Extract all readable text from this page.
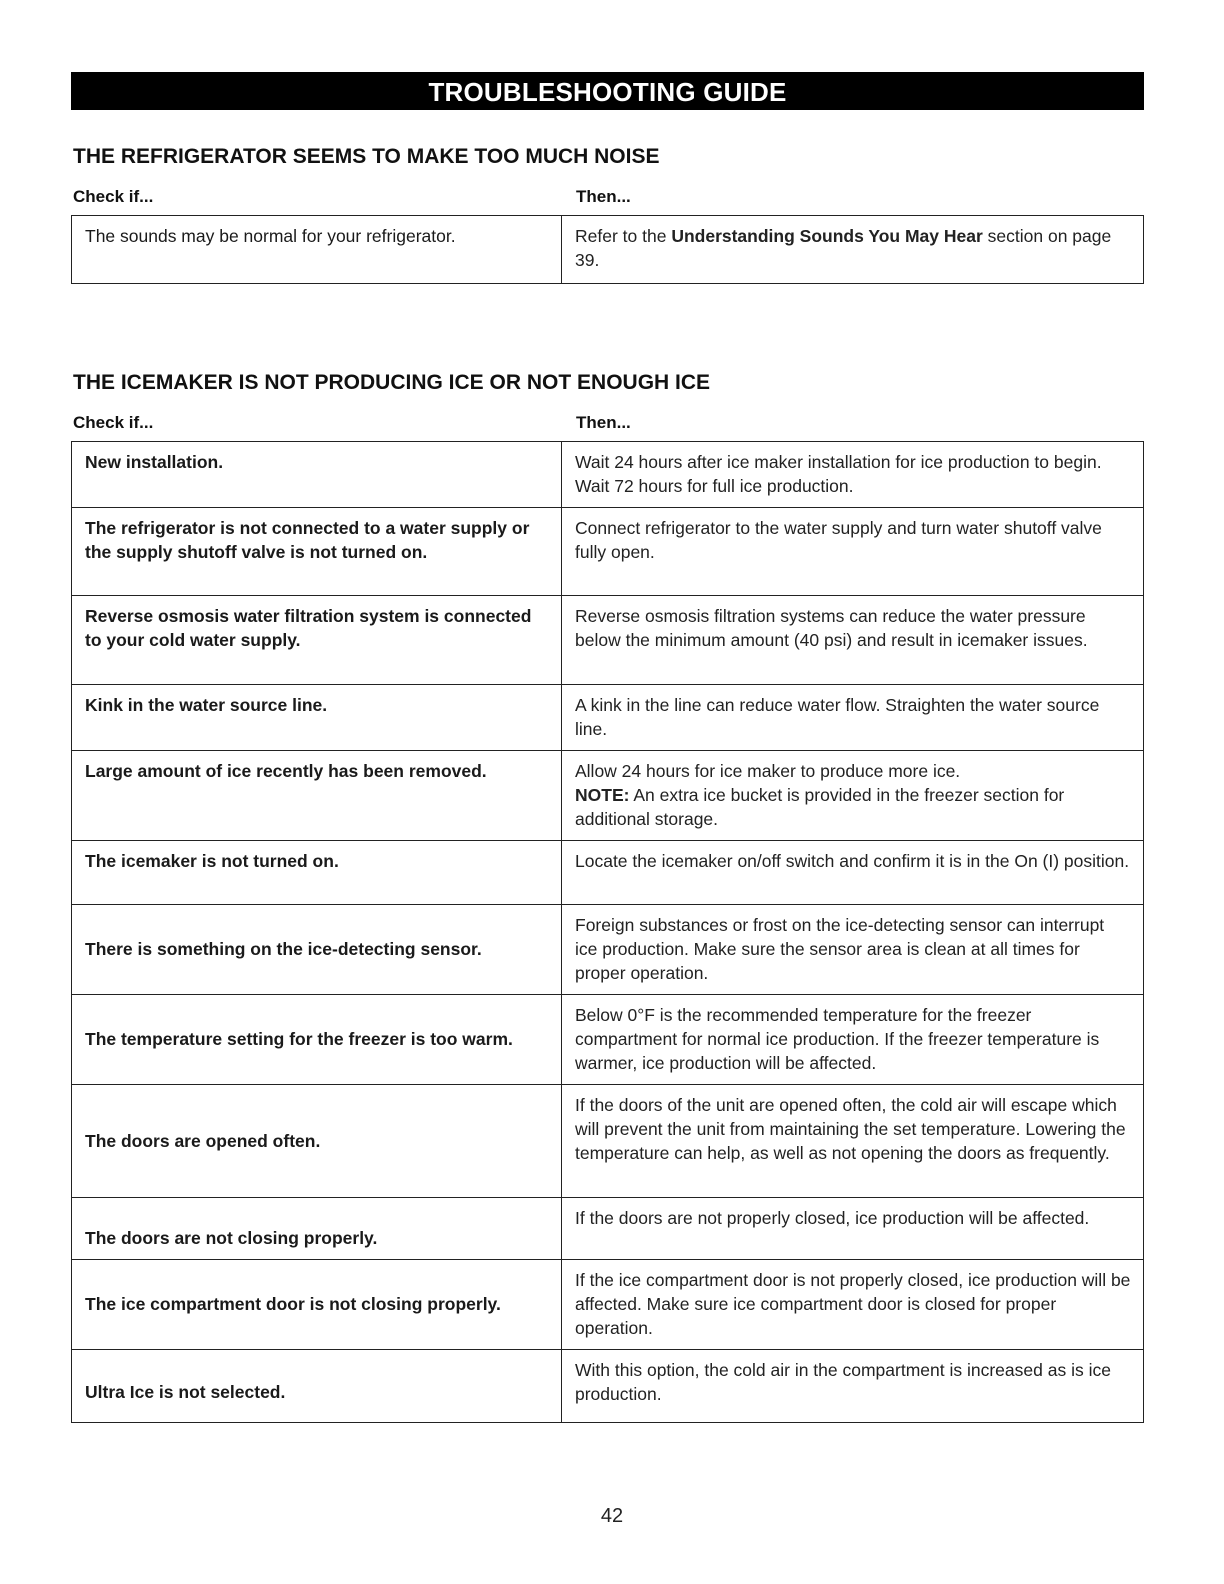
TROUBLESHOOTING GUIDE
THE REFRIGERATOR SEEMS TO MAKE TOO MUCH NOISE
Check if...	Then...
The sounds may be normal for your refrigerator.	Refer to the Understanding Sounds You May Hear section on page 39.
THE ICEMAKER IS NOT PRODUCING ICE OR NOT ENOUGH ICE
Check if...	Then...
New installation.	Wait 24 hours after ice maker installation for ice production to begin. Wait 72 hours for full ice production.
The refrigerator is not connected to a water supply or the supply shutoff valve is not turned on.	Connect refrigerator to the water supply and turn water shutoff valve fully open.
Reverse osmosis water filtration system is connected to your cold water supply.	Reverse osmosis filtration systems can reduce the water pressure below the minimum amount (40 psi) and result in icemaker issues.
Kink in the water source line.	A kink in the line can reduce water flow. Straighten the water source line.
Large amount of ice recently has been removed.	Allow 24 hours for ice maker to produce more ice.
NOTE: An extra ice bucket is provided in the freezer section for additional storage.
The icemaker is not turned on.	Locate the icemaker on/off switch and confirm it is in the On (I) position.
There is something on the ice-detecting sensor.	Foreign substances or frost on the ice-detecting sensor can interrupt ice production. Make sure the sensor area is clean at all times for proper operation.
The temperature setting for the freezer is too warm.	Below 0°F is the recommended temperature for the freezer compartment for normal ice production. If the freezer temperature is warmer, ice production will be affected.
The doors are opened often.	If the doors of the unit are opened often, the cold air will escape which will prevent the unit from maintaining the set temperature. Lowering the temperature can help, as well as not opening the doors as frequently.
The doors are not closing properly.	If the doors are not properly closed, ice production will be affected.
The ice compartment door is not closing properly.	If the ice compartment door is not properly closed, ice production will be affected. Make sure ice compartment door is closed for proper operation.
Ultra Ice is not selected.	With this option, the cold air in the compartment is increased as is ice production.
42
